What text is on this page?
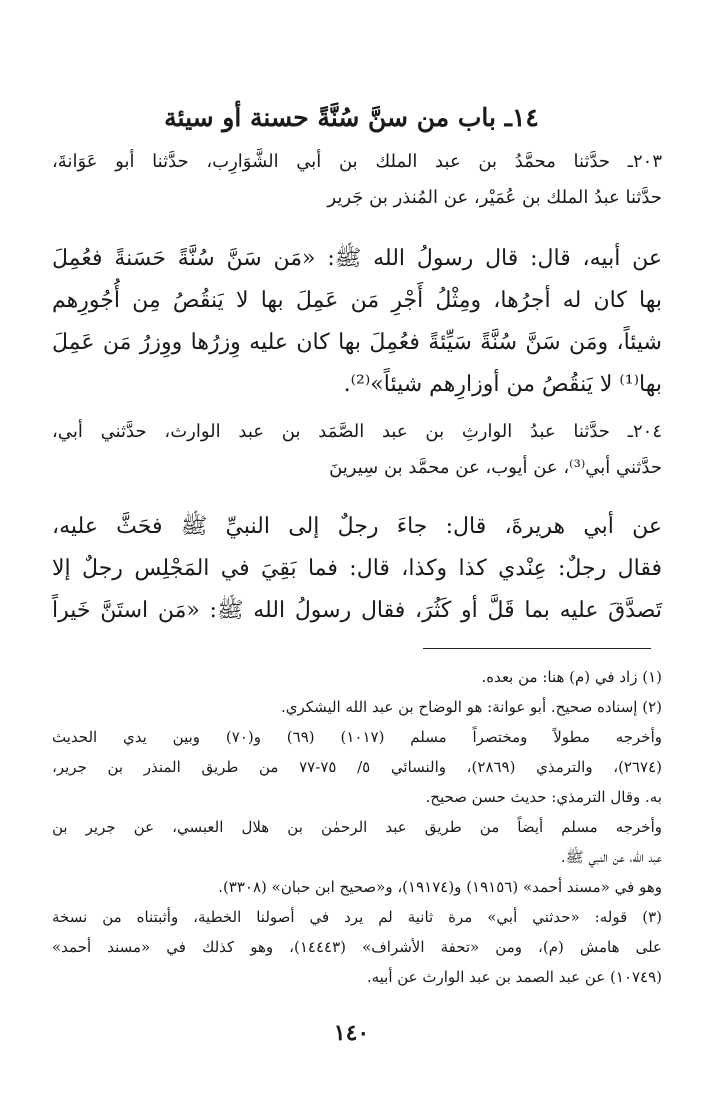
١٤ـ باب من سنَّ سُنَّةً حسنة أو سيئة
٢٠٣ـ حدَّثنا محمَّدُ بن عبد الملك بن أبي الشَّوَارِب، حدَّثنا أبو عَوَانةَ،
حدَّثنا عبدُ الملك بن عُمَيْر، عن المُنذر بن جَرير
عن أبيه، قال: قال رسولُ الله ﷺ: «مَن سَنَّ سُنَّةً حَسَنةً فعُمِلَ
بها كان له أجرُها، ومِثْلُ أَجْرِ مَن عَمِلَ بها لا يَنقُصُ مِن أُجُورِهم
شيئاً، ومَن سَنَّ سُنَّةً سَيِّئةً فعُمِلَ بها كان عليه وِزرُها ووِزرُ مَن عَمِلَ
بها⁽¹⁾ لا يَنقُصُ من أوزارِهم شيئاً»⁽²⁾.
٢٠٤ـ حدَّثنا عبدُ الوارثِ بن عبد الصَّمَد بن عبد الوارث، حدَّثني أبي،
حدَّثني أبي⁽³⁾، عن أيوب، عن محمَّد بن سِيرينَ
عن أبي هريرةَ، قال: جاءَ رجلٌ إلى النبيِّ ﷺ فحَثَّ عليه،
فقال رجلٌ: عِنْدي كذا وكذا، قال: فما بَقِيَ في المَجْلِس رجلٌ إلا
تَصدَّقَ عليه بما قَلَّ أو كَثُرَ، فقال رسولُ الله ﷺ: «مَن استَنَّ خَيراً
(١) زاد في (م) هنا: من بعده.
(٢) إسناده صحيح. أبو عوانة: هو الوضاح بن عبد الله اليشكري.
وأخرجه مطولاً ومختصراً مسلم (١٠١٧) (٦٩) و(٧٠) وبين يدي الحديث
(٢٦٧٤)، والترمذي (٢٨٦٩)، والنسائي ٥/ ٧٥-٧٧ من طريق المنذر بن جرير،
به. وقال الترمذي: حديث حسن صحيح.
وأخرجه مسلم أيضاً من طريق عبد الرحمٰن بن هلال العبسي، عن جرير بن
عبد الله، عن النبي ﷺ.
وهو في «مسند أحمد» (١٩١٥٦) و(١٩١٧٤)، و«صحيح ابن حبان» (٣٣٠٨).
(٣) قوله: «حدثني أبي» مرة ثانية لم يرد في أصولنا الخطية، وأثبتناه من نسخة
على هامش (م)، ومن «تحفة الأشراف» (١٤٤٤٣)، وهو كذلك في «مسند أحمد»
(١٠٧٤٩) عن عبد الصمد بن عبد الوارث عن أبيه.
١٤٠
